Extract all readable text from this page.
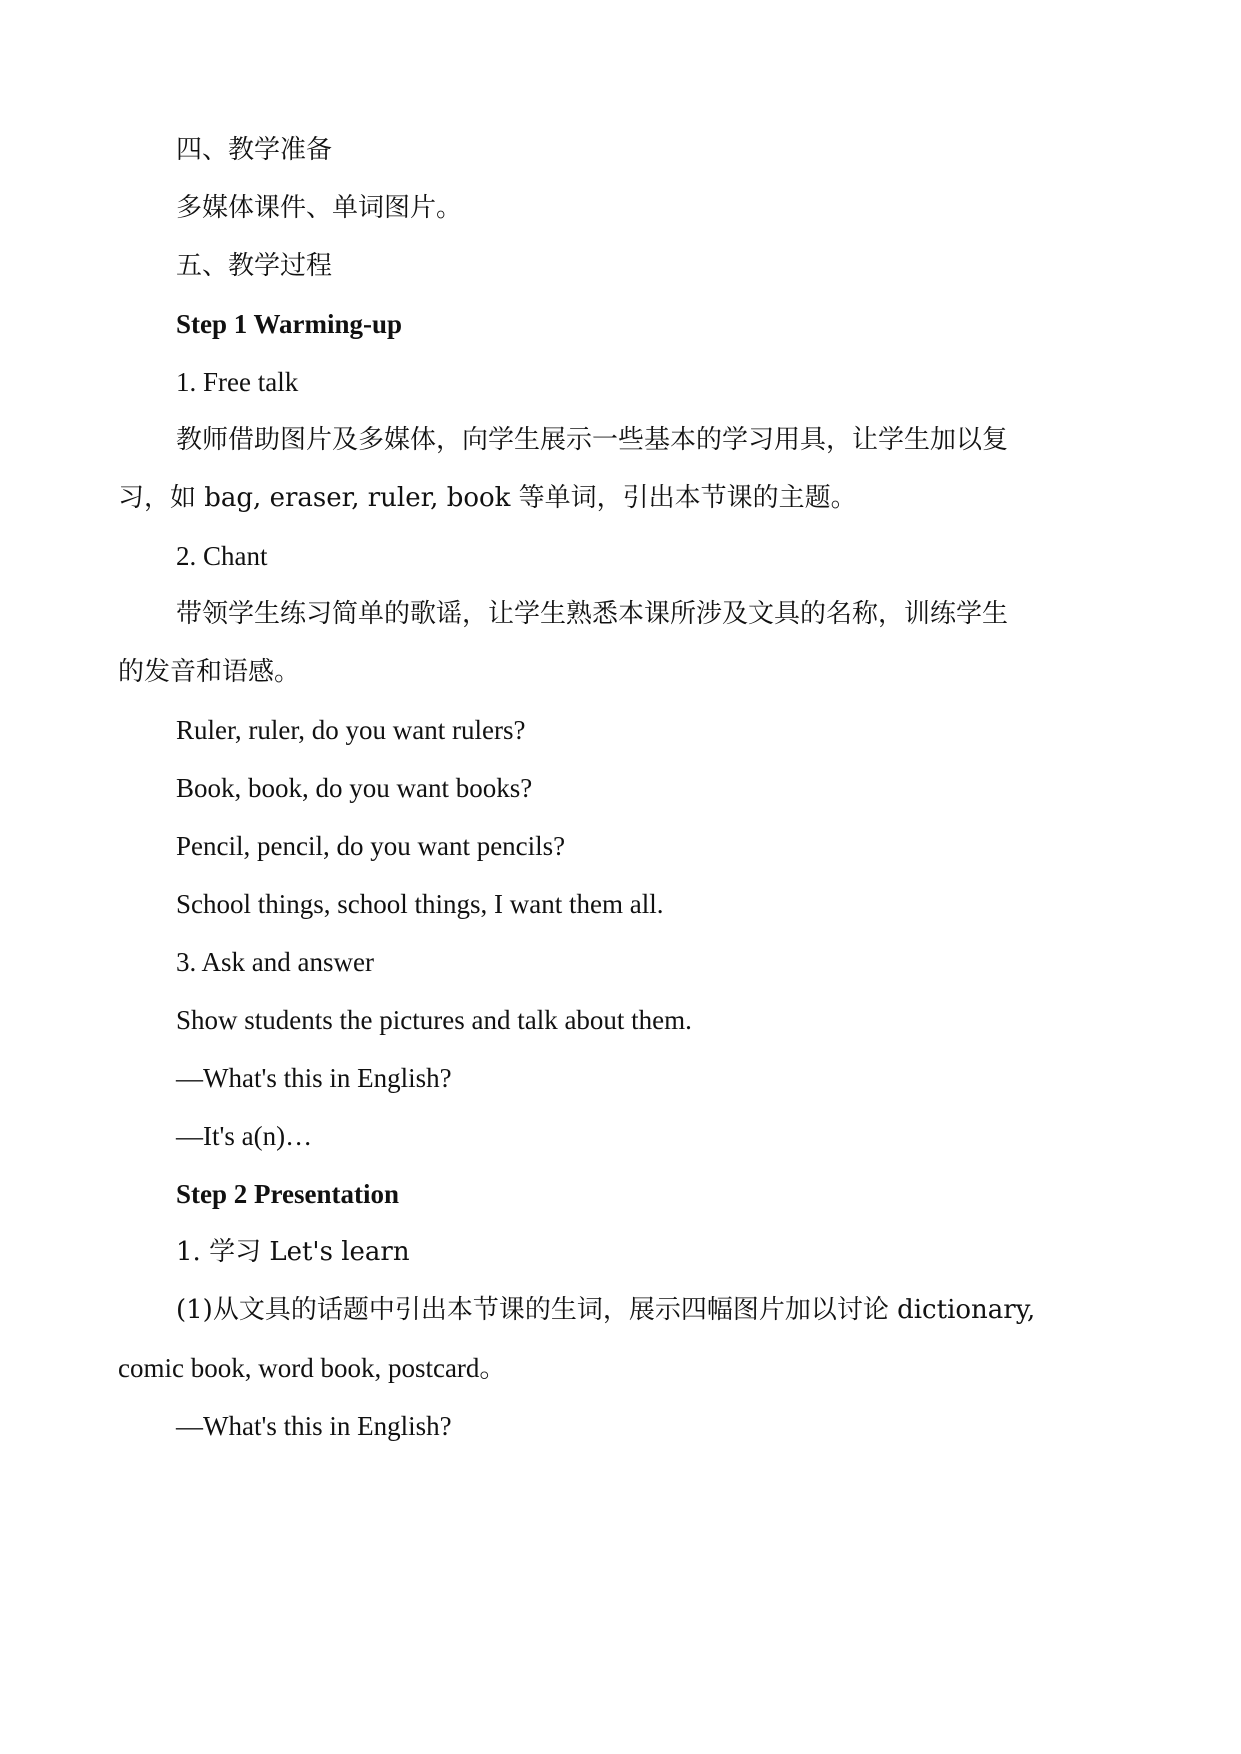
四、教学准备
多媒体课件、单词图片。
五、教学过程
Step 1 Warming-up
1. Free talk
教师借助图片及多媒体，向学生展示一些基本的学习用具，让学生加以复
习，如 bag, eraser, ruler, book 等单词，引出本节课的主题。
2. Chant
带领学生练习简单的歌谣，让学生熟悉本课所涉及文具的名称，训练学生
的发音和语感。
Ruler, ruler, do you want rulers?
Book, book, do you want books?
Pencil, pencil, do you want pencils?
School things, school things, I want them all.
3. Ask and answer
Show students the pictures and talk about them.
—What's this in English?
—It's a(n)…
Step 2 Presentation
1. 学习 Let's learn
(1)从文具的话题中引出本节课的生词，展示四幅图片加以讨论 dictionary,
comic book, word book, postcard。
—What's this in English?
